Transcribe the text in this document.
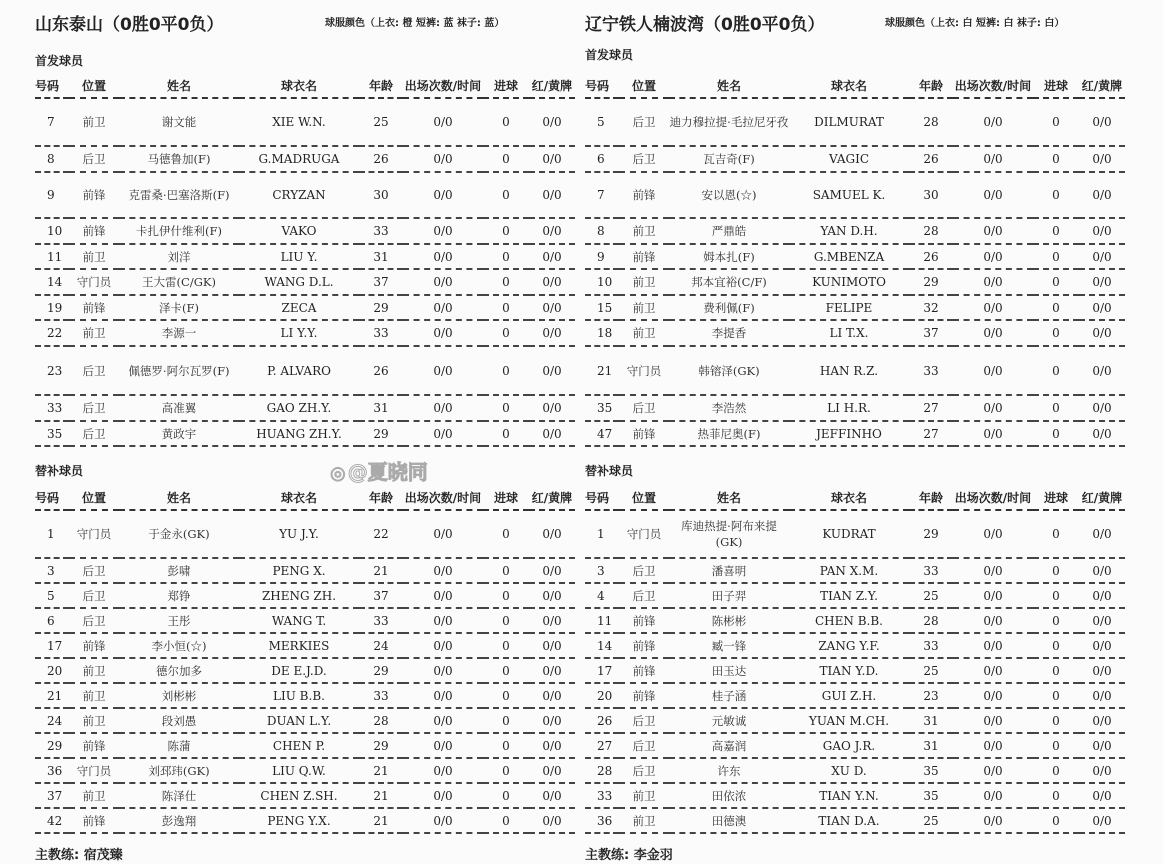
山东泰山（0胜0平0负）	球服颜色（上衣: 橙 短裤: 蓝 袜子: 蓝）
首发球员
号码	位置	姓名	球衣名	年龄	出场次数/时间	进球	红/黄牌
7	前卫	谢文能	XIE W.N.	25	0/0	0	0/0
8	后卫	马德鲁加(F)	G.MADRUGA	26	0/0	0	0/0
9	前锋	克雷桑·巴塞洛斯(F)	CRYZAN	30	0/0	0	0/0
10	前锋	卡扎伊什维利(F)	VAKO	33	0/0	0	0/0
11	前卫	刘洋	LIU Y.	31	0/0	0	0/0
14	守门员	王大雷(C/GK)	WANG D.L.	37	0/0	0	0/0
19	前锋	泽卡(F)	ZECA	29	0/0	0	0/0
22	前卫	李源一	LI Y.Y.	33	0/0	0	0/0
23	后卫	佩德罗·阿尔瓦罗(F)	P. ALVARO	26	0/0	0	0/0
33	后卫	高准翼	GAO ZH.Y.	31	0/0	0	0/0
35	后卫	黄政宇	HUANG ZH.Y.	29	0/0	0	0/0
替补球员
号码	位置	姓名	球衣名	年龄	出场次数/时间	进球	红/黄牌
1	守门员	于金永(GK)	YU J.Y.	22	0/0	0	0/0
3	后卫	彭啸	PENG X.	21	0/0	0	0/0
5	后卫	郑铮	ZHENG ZH.	37	0/0	0	0/0
6	后卫	王彤	WANG T.	33	0/0	0	0/0
17	前锋	李小恒(☆)	MERKIES	24	0/0	0	0/0
20	前卫	德尔加多	DE E.J.D.	29	0/0	0	0/0
21	前卫	刘彬彬	LIU B.B.	33	0/0	0	0/0
24	前卫	段刘愚	DUAN L.Y.	28	0/0	0	0/0
29	前锋	陈蒲	CHEN P.	29	0/0	0	0/0
36	守门员	刘邳玮(GK)	LIU Q.W.	21	0/0	0	0/0
37	前卫	陈泽仕	CHEN Z.SH.	21	0/0	0	0/0
42	前锋	彭逸翔	PENG Y.X.	21	0/0	0	0/0
主教练: 宿茂臻
辽宁铁人楠波湾（0胜0平0负）	球服颜色（上衣: 白 短裤: 白 袜子: 白）
首发球员
号码	位置	姓名	球衣名	年龄	出场次数/时间	进球	红/黄牌
5	后卫	迪力穆拉提·毛拉尼牙孜	DILMURAT	28	0/0	0	0/0
6	后卫	瓦吉奇(F)	VAGIC	26	0/0	0	0/0
7	前锋	安以恩(☆)	SAMUEL K.	30	0/0	0	0/0
8	前卫	严鼎皓	YAN D.H.	28	0/0	0	0/0
9	前锋	姆本扎(F)	G.MBENZA	26	0/0	0	0/0
10	前卫	邦本宜裕(C/F)	KUNIMOTO	29	0/0	0	0/0
15	前卫	费利佩(F)	FELIPE	32	0/0	0	0/0
18	前卫	李提香	LI T.X.	37	0/0	0	0/0
21	守门员	韩镕泽(GK)	HAN R.Z.	33	0/0	0	0/0
35	后卫	李浩然	LI H.R.	27	0/0	0	0/0
47	前锋	热菲尼奥(F)	JEFFINHO	27	0/0	0	0/0
替补球员
号码	位置	姓名	球衣名	年龄	出场次数/时间	进球	红/黄牌
1	守门员	库迪热提·阿布来提(GK)	KUDRAT	29	0/0	0	0/0
3	后卫	潘喜明	PAN X.M.	33	0/0	0	0/0
4	后卫	田子羿	TIAN Z.Y.	25	0/0	0	0/0
11	前锋	陈彬彬	CHEN B.B.	28	0/0	0	0/0
14	前锋	臧一锋	ZANG Y.F.	33	0/0	0	0/0
17	前锋	田玉达	TIAN Y.D.	25	0/0	0	0/0
20	前锋	桂子涵	GUI Z.H.	23	0/0	0	0/0
26	后卫	元敏诚	YUAN M.CH.	31	0/0	0	0/0
27	后卫	高嘉润	GAO J.R.	31	0/0	0	0/0
28	后卫	许东	XU D.	35	0/0	0	0/0
33	前卫	田依浓	TIAN Y.N.	35	0/0	0	0/0
36	前卫	田德澳	TIAN D.A.	25	0/0	0	0/0
主教练: 李金羽
◎ @夏晓同
